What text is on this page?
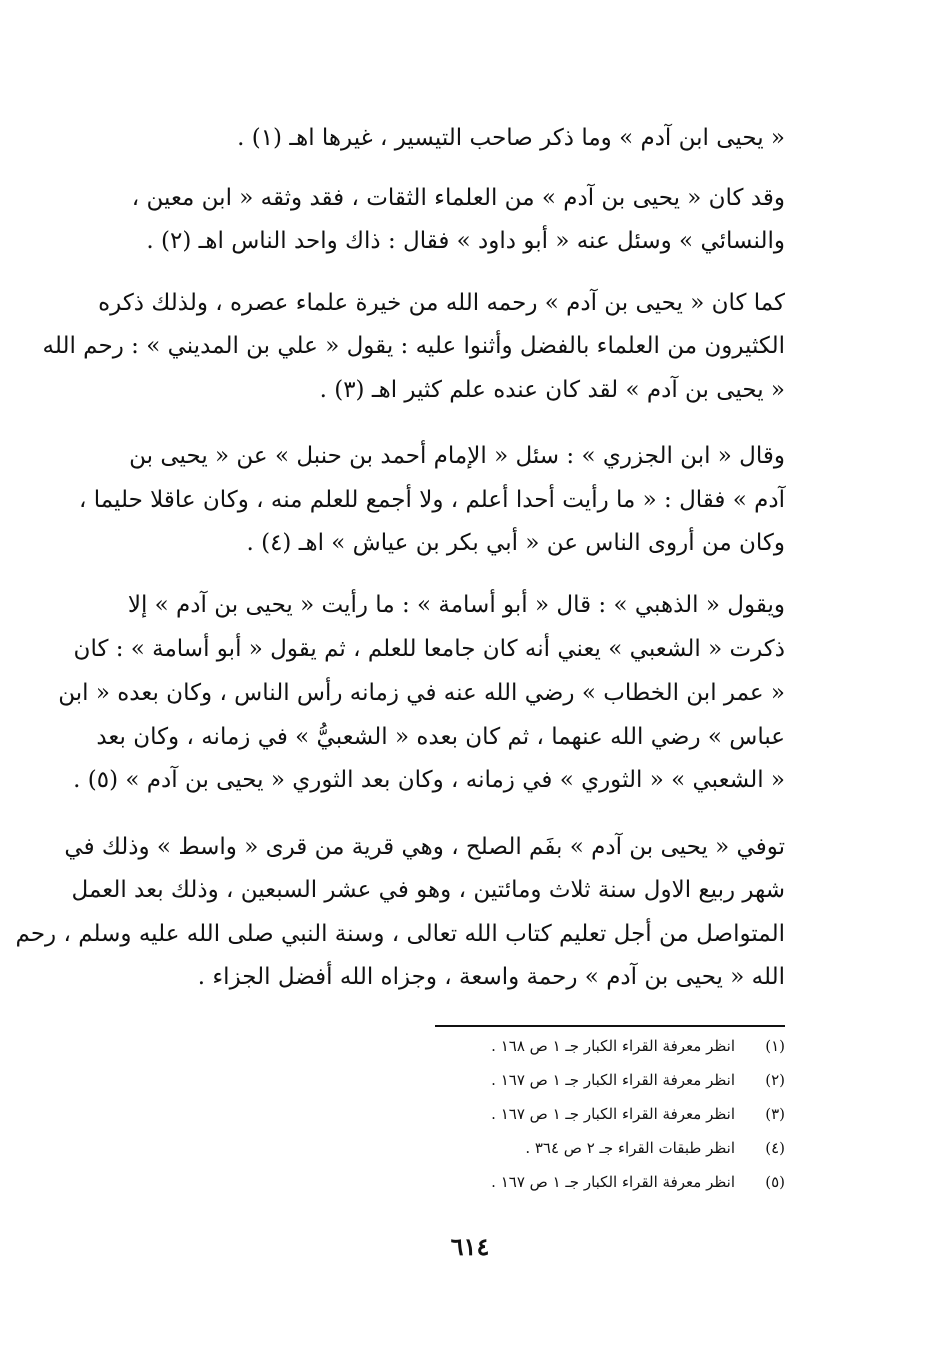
« يحيى ابن آدم » وما ذكر صاحب التيسير ، غيرها اهـ (١) .
وقد كان « يحيى بن آدم » من العلماء الثقات ، فقد وثقه « ابن معين ،
والنسائي » وسئل عنه « أبو داود » فقال : ذاك واحد الناس اهـ (٢) .
كما كان « يحيى بن آدم » رحمه الله من خيرة علماء عصره ، ولذلك ذكره
الكثيرون من العلماء بالفضل وأثنوا عليه : يقول « علي بن المديني » : رحم الله
« يحيى بن آدم » لقد كان عنده علم كثير اهـ (٣) .
وقال « ابن الجزري » : سئل « الإمام أحمد بن حنبل » عن « يحيى بن
آدم » فقال : « ما رأيت أحدا أعلم ، ولا أجمع للعلم منه ، وكان عاقلا حليما ،
وكان من أروى الناس عن « أبي بكر بن عياش » اهـ (٤) .
ويقول « الذهبي » : قال « أبو أسامة » : ما رأيت « يحيى بن آدم » إلا
ذكرت « الشعبي » يعني أنه كان جامعا للعلم ، ثم يقول « أبو أسامة » : كان
« عمر ابن الخطاب » رضي الله عنه في زمانه رأس الناس ، وكان بعده « ابن
عباس » رضي الله عنهما ، ثم كان بعده « الشعبيُّ » في زمانه ، وكان بعد
« الشعبي » « الثوري » في زمانه ، وكان بعد الثوري « يحيى بن آدم » (٥) .
توفي « يحيى بن آدم » بفَم الصلح ، وهي قرية من قرى « واسط » وذلك في
شهر ربيع الاول سنة ثلاث ومائتين ، وهو في عشر السبعين ، وذلك بعد العمل
المتواصل من أجل تعليم كتاب الله تعالى ، وسنة النبي صلى الله عليه وسلم ، رحم
الله « يحيى بن آدم » رحمة واسعة ، وجزاه الله أفضل الجزاء .
(١)انظر معرفة القراء الكبار جـ ١ ص ١٦٨ .
(٢)انظر معرفة القراء الكبار جـ ١ ص ١٦٧ .
(٣)انظر معرفة القراء الكبار جـ ١ ص ١٦٧ .
(٤)انظر طبقات القراء جـ ٢ ص ٣٦٤ .
(٥)انظر معرفة القراء الكبار جـ ١ ص ١٦٧ .
٦١٤
